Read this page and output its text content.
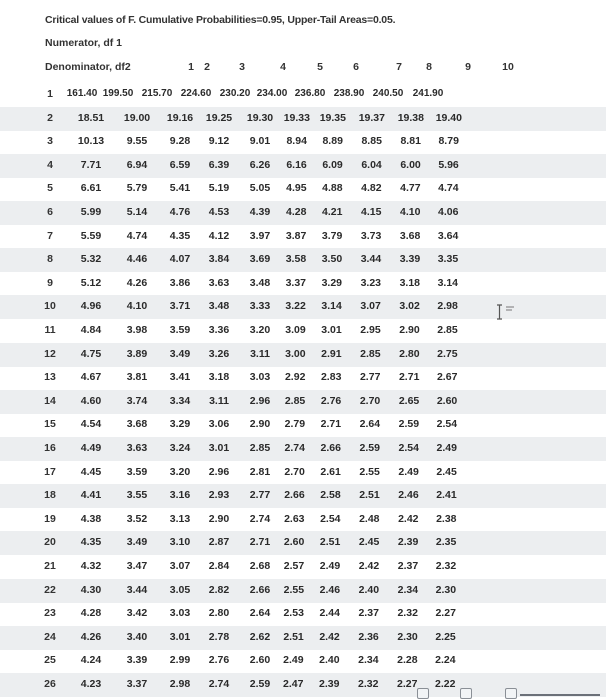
Critical values of F. Cumulative Probabilities=0.95, Upper-Tail Areas=0.05.
Numerator, df 1
Denominator, df2	1 2	3	4	5	6	7	8	9	10
1	161.40 199.50 215.70 224.60 230.20 234.00 236.80 238.90 240.50 241.90
2	18.51	19.00	19.16	19.25	19.30	19.33 19.35	19.37	19.38	19.40
3	10.13	9.55	9.28	9.12	9.01	8.94	8.89	8.85	8.81	8.79
4	7.71	6.94	6.59	6.39	6.26	6.16	6.09	6.04	6.00	5.96
5	6.61	5.79	5.41	5.19	5.05	4.95	4.88	4.82	4.77	4.74
6	5.99	5.14	4.76	4.53	4.39	4.28	4.21	4.15	4.10	4.06
7	5.59	4.74	4.35	4.12	3.97	3.87	3.79	3.73	3.68	3.64
8	5.32	4.46	4.07	3.84	3.69	3.58	3.50	3.44	3.39	3.35
9	5.12	4.26	3.86	3.63	3.48	3.37	3.29	3.23	3.18	3.14
10	4.96	4.10	3.71	3.48	3.33	3.22	3.14	3.07	3.02	2.98
11	4.84	3.98	3.59	3.36	3.20	3.09	3.01	2.95	2.90	2.85
12	4.75	3.89	3.49	3.26	3.11	3.00	2.91	2.85	2.80	2.75
13	4.67	3.81	3.41	3.18	3.03	2.92	2.83	2.77	2.71	2.67
14	4.60	3.74	3.34	3.11	2.96	2.85	2.76	2.70	2.65	2.60
15	4.54	3.68	3.29	3.06	2.90	2.79	2.71	2.64	2.59	2.54
16	4.49	3.63	3.24	3.01	2.85	2.74	2.66	2.59	2.54	2.49
17	4.45	3.59	3.20	2.96	2.81	2.70	2.61	2.55	2.49	2.45
18	4.41	3.55	3.16	2.93	2.77	2.66	2.58	2.51	2.46	2.41
19	4.38	3.52	3.13	2.90	2.74	2.63	2.54	2.48	2.42	2.38
20	4.35	3.49	3.10	2.87	2.71	2.60	2.51	2.45	2.39	2.35
21	4.32	3.47	3.07	2.84	2.68	2.57	2.49	2.42	2.37	2.32
22	4.30	3.44	3.05	2.82	2.66	2.55	2.46	2.40	2.34	2.30
23	4.28	3.42	3.03	2.80	2.64	2.53	2.44	2.37	2.32	2.27
24	4.26	3.40	3.01	2.78	2.62	2.51	2.42	2.36	2.30	2.25
25	4.24	3.39	2.99	2.76	2.60	2.49	2.40	2.34	2.28	2.24
26	4.23	3.37	2.98	2.74	2.59	2.47	2.39	2.32	2.27	2.22
